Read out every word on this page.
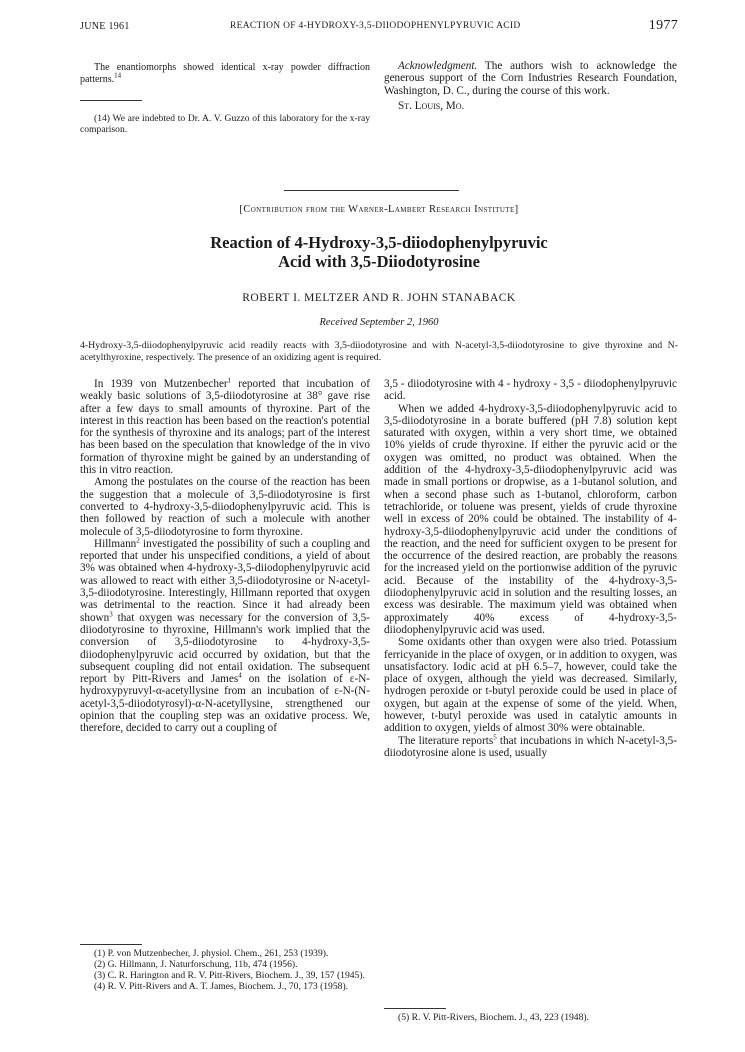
JUNE 1961	REACTION OF 4-HYDROXY-3,5-DIIODOPHENYLPYRUVIC ACID	1977

The enantiomorphs showed identical x-ray powder diffraction patterns.$^{14}$

(14) We are indebted to Dr. A. V. Guzzo of this laboratory for the x-ray comparison.

Acknowledgment. The authors wish to acknowledge the generous support of the Corn Industries Research Foundation, Washington, D. C., during the course of this work.

St. Louis, Mo.

[Contribution from the Warner-Lambert Research Institute]
Reaction of 4-Hydroxy-3,5-diiodophenylpyruvic
Acid with 3,5-Diiodotyrosine
ROBERT I. MELTZER AND R. JOHN STANABACK
Received September 2, 1960
4-Hydroxy-3,5-diiodophenylpyruvic acid readily reacts with 3,5-diiodotyrosine and with N-acetyl-3,5-diiodotyrosine to give thyroxine and N-acetylthyroxine, respectively. The presence of an oxidizing agent is required.

In 1939 von Mutzenbecher$^1$ reported that incubation of weakly basic solutions of 3,5-diiodotyrosine at 38° gave rise after a few days to small amounts of thyroxine. Part of the interest in this reaction has been based on the reaction's potential for the synthesis of thyroxine and its analogs; part of the interest has been based on the speculation that knowledge of the in vivo formation of thyroxine might be gained by an understanding of this in vitro reaction.

Among the postulates on the course of the reaction has been the suggestion that a molecule of 3,5-diiodotyrosine is first converted to 4-hydroxy-3,5-diiodophenylpyruvic acid. This is then followed by reaction of such a molecule with another molecule of 3,5-diiodotyrosine to form thyroxine.

Hillmann$^2$ investigated the possibility of such a coupling and reported that under his unspecified conditions, a yield of about 3% was obtained when 4-hydroxy-3,5-diiodophenylpyruvic acid was allowed to react with either 3,5-diiodotyrosine or N-acetyl-3,5-diiodotyrosine. Interestingly, Hillmann reported that oxygen was detrimental to the reaction. Since it had already been shown$^3$ that oxygen was necessary for the conversion of 3,5-diiodotyrosine to thyroxine, Hillmann's work implied that the conversion of 3,5-diiodotyrosine to 4-hydroxy-3,5-diiodophenylpyruvic acid occurred by oxidation, but that the subsequent coupling did not entail oxidation. The subsequent report by Pitt-Rivers and James$^4$ on the isolation of ε-N-hydroxypyruvyl-α-acetyllysine from an incubation of ε-N-(N-acetyl-3,5-diiodotyrosyl)-α-N-acetyllysine, strengthened our opinion that the coupling step was an oxidative process. We, therefore, decided to carry out a coupling of

3,5 - diiodotyrosine with 4 - hydroxy - 3,5 - diiodophenylpyruvic acid.

When we added 4-hydroxy-3,5-diiodophenylpyruvic acid to 3,5-diiodotyrosine in a borate buffered (pH 7.8) solution kept saturated with oxygen, within a very short time, we obtained 10% yields of crude thyroxine. If either the pyruvic acid or the oxygen was omitted, no product was obtained. When the addition of the 4-hydroxy-3,5-diiodophenylpyruvic acid was made in small portions or dropwise, as a 1-butanol solution, and when a second phase such as 1-butanol, chloroform, carbon tetrachloride, or toluene was present, yields of crude thyroxine well in excess of 20% could be obtained. The instability of 4-hydroxy-3,5-diiodophenylpyruvic acid under the conditions of the reaction, and the need for sufficient oxygen to be present for the occurrence of the desired reaction, are probably the reasons for the increased yield on the portionwise addition of the pyruvic acid. Because of the instability of the 4-hydroxy-3,5-diiodophenylpyruvic acid in solution and the resulting losses, an excess was desirable. The maximum yield was obtained when approximately 40% excess of 4-hydroxy-3,5-diiodophenylpyruvic acid was used.

Some oxidants other than oxygen were also tried. Potassium ferricyanide in the place of oxygen, or in addition to oxygen, was unsatisfactory. Iodic acid at pH 6.5–7, however, could take the place of oxygen, although the yield was decreased. Similarly, hydrogen peroxide or t-butyl peroxide could be used in place of oxygen, but again at the expense of some of the yield. When, however, t-butyl peroxide was used in catalytic amounts in addition to oxygen, yields of almost 30% were obtainable.

The literature reports$^5$ that incubations in which N-acetyl-3,5-diiodotyrosine alone is used, usually

(1) P. von Mutzenbecher, J. physiol. Chem., 261, 253 (1939).
(2) G. Hillmann, J. Naturforschung, 11b, 474 (1956).
(3) C. R. Harington and R. V. Pitt-Rivers, Biochem. J., 39, 157 (1945).
(4) R. V. Pitt-Rivers and A. T. James, Biochem. J., 70, 173 (1958).
(5) R. V. Pitt-Rivers, Biochem. J., 43, 223 (1948).
